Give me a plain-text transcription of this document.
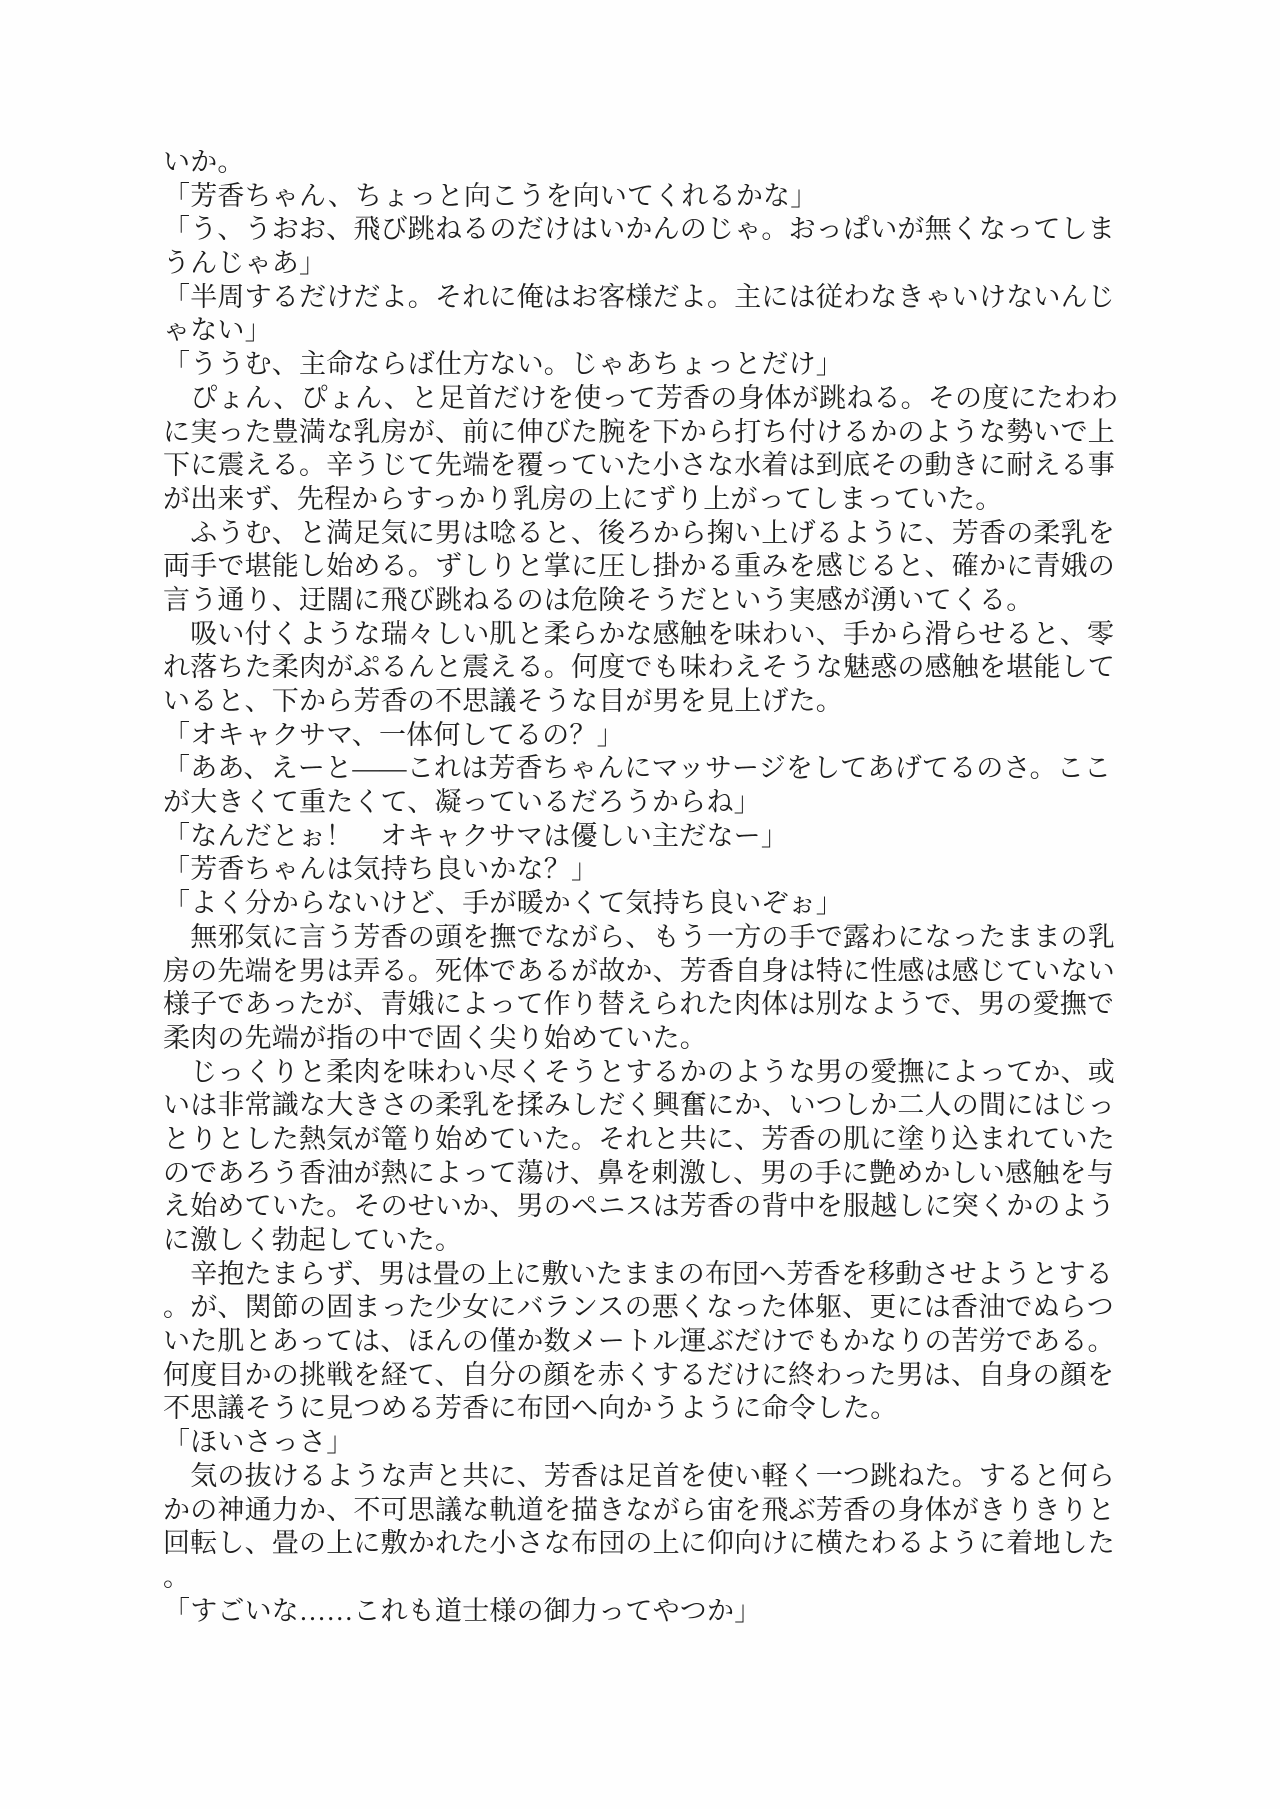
いか。
「芳香ちゃん、ちょっと向こうを向いてくれるかな」
「う、うおお、飛び跳ねるのだけはいかんのじゃ。おっぱいが無くなってしま
うんじゃあ」
「半周するだけだよ。それに俺はお客様だよ。主には従わなきゃいけないんじ
ゃない」
「ううむ、主命ならば仕方ない。じゃあちょっとだけ」
　ぴょん、ぴょん、と足首だけを使って芳香の身体が跳ねる。その度にたわわ
に実った豊満な乳房が、前に伸びた腕を下から打ち付けるかのような勢いで上
下に震える。辛うじて先端を覆っていた小さな水着は到底その動きに耐える事
が出来ず、先程からすっかり乳房の上にずり上がってしまっていた。
　ふうむ、と満足気に男は唸ると、後ろから掬い上げるように、芳香の柔乳を
両手で堪能し始める。ずしりと掌に圧し掛かる重みを感じると、確かに青娥の
言う通り、迂闊に飛び跳ねるのは危険そうだという実感が湧いてくる。
　吸い付くような瑞々しい肌と柔らかな感触を味わい、手から滑らせると、零
れ落ちた柔肉がぷるんと震える。何度でも味わえそうな魅惑の感触を堪能して
いると、下から芳香の不思議そうな目が男を見上げた。
「オキャクサマ、一体何してるの？」
「ああ、えーと——これは芳香ちゃんにマッサージをしてあげてるのさ。ここ
が大きくて重たくて、凝っているだろうからね」
「なんだとぉ！　オキャクサマは優しい主だなー」
「芳香ちゃんは気持ち良いかな？」
「よく分からないけど、手が暖かくて気持ち良いぞぉ」
　無邪気に言う芳香の頭を撫でながら、もう一方の手で露わになったままの乳
房の先端を男は弄る。死体であるが故か、芳香自身は特に性感は感じていない
様子であったが、青娥によって作り替えられた肉体は別なようで、男の愛撫で
柔肉の先端が指の中で固く尖り始めていた。
　じっくりと柔肉を味わい尽くそうとするかのような男の愛撫によってか、或
いは非常識な大きさの柔乳を揉みしだく興奮にか、いつしか二人の間にはじっ
とりとした熱気が篭り始めていた。それと共に、芳香の肌に塗り込まれていた
のであろう香油が熱によって蕩け、鼻を刺激し、男の手に艶めかしい感触を与
え始めていた。そのせいか、男のペニスは芳香の背中を服越しに突くかのよう
に激しく勃起していた。
　辛抱たまらず、男は畳の上に敷いたままの布団へ芳香を移動させようとする
。が、関節の固まった少女にバランスの悪くなった体躯、更には香油でぬらつ
いた肌とあっては、ほんの僅か数メートル運ぶだけでもかなりの苦労である。
何度目かの挑戦を経て、自分の顔を赤くするだけに終わった男は、自身の顔を
不思議そうに見つめる芳香に布団へ向かうように命令した。
「ほいさっさ」
　気の抜けるような声と共に、芳香は足首を使い軽く一つ跳ねた。すると何ら
かの神通力か、不可思議な軌道を描きながら宙を飛ぶ芳香の身体がきりきりと
回転し、畳の上に敷かれた小さな布団の上に仰向けに横たわるように着地した
。
「すごいな……これも道士様の御力ってやつか」
